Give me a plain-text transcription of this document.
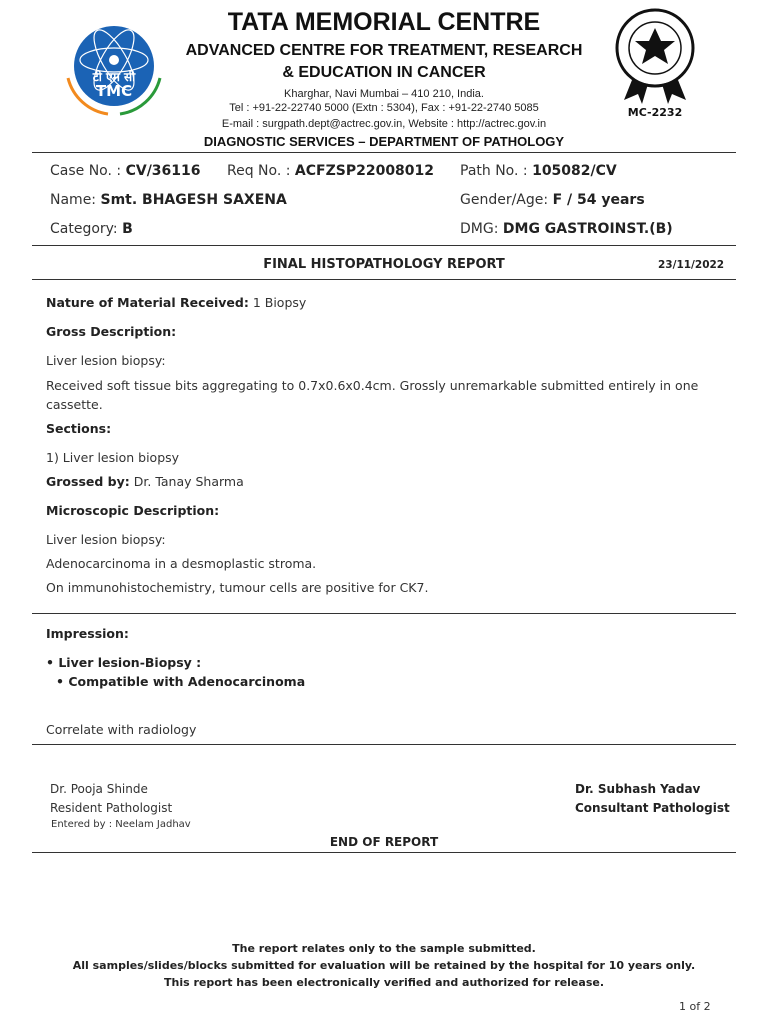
टी एम सी
TMC
MC-2232
TATA MEMORIAL CENTRE
ADVANCED CENTRE FOR TREATMENT, RESEARCH
& EDUCATION IN CANCER
Kharghar, Navi Mumbai – 410 210, India.
Tel : +91-22-22740 5000 (Extn : 5304), Fax : +91-22-2740 5085
E-mail : surgpath.dept@actrec.gov.in, Website : http://actrec.gov.in
DIAGNOSTIC SERVICES – DEPARTMENT OF PATHOLOGY
Case No. : CV/36116 Req No. : ACFZSP22008012 Path No. : 105082/CV
Name: Smt. BHAGESH SAXENA	Gender/Age: F / 54 years
Category: B	DMG: DMG GASTROINST.(B)
FINAL HISTOPATHOLOGY REPORT	23/11/2022
Nature of Material Received: 1 Biopsy
Gross Description:
Liver lesion biopsy:
Received soft tissue bits aggregating to 0.7x0.6x0.4cm. Grossly unremarkable submitted entirely in one
cassette.
Sections:
1) Liver lesion biopsy
Grossed by: Dr. Tanay Sharma
Microscopic Description:
Liver lesion biopsy:
Adenocarcinoma in a desmoplastic stroma.
On immunohistochemistry, tumour cells are positive for CK7.
Impression:
• Liver lesion-Biopsy :
• Compatible with Adenocarcinoma
Correlate with radiology
Dr. Pooja Shinde
Resident Pathologist
Entered by : Neelam Jadhav
Dr. Subhash Yadav
Consultant Pathologist
END OF REPORT
The report relates only to the sample submitted.
All samples/slides/blocks submitted for evaluation will be retained by the hospital for 10 years only.
This report has been electronically verified and authorized for release.
1 of 2
